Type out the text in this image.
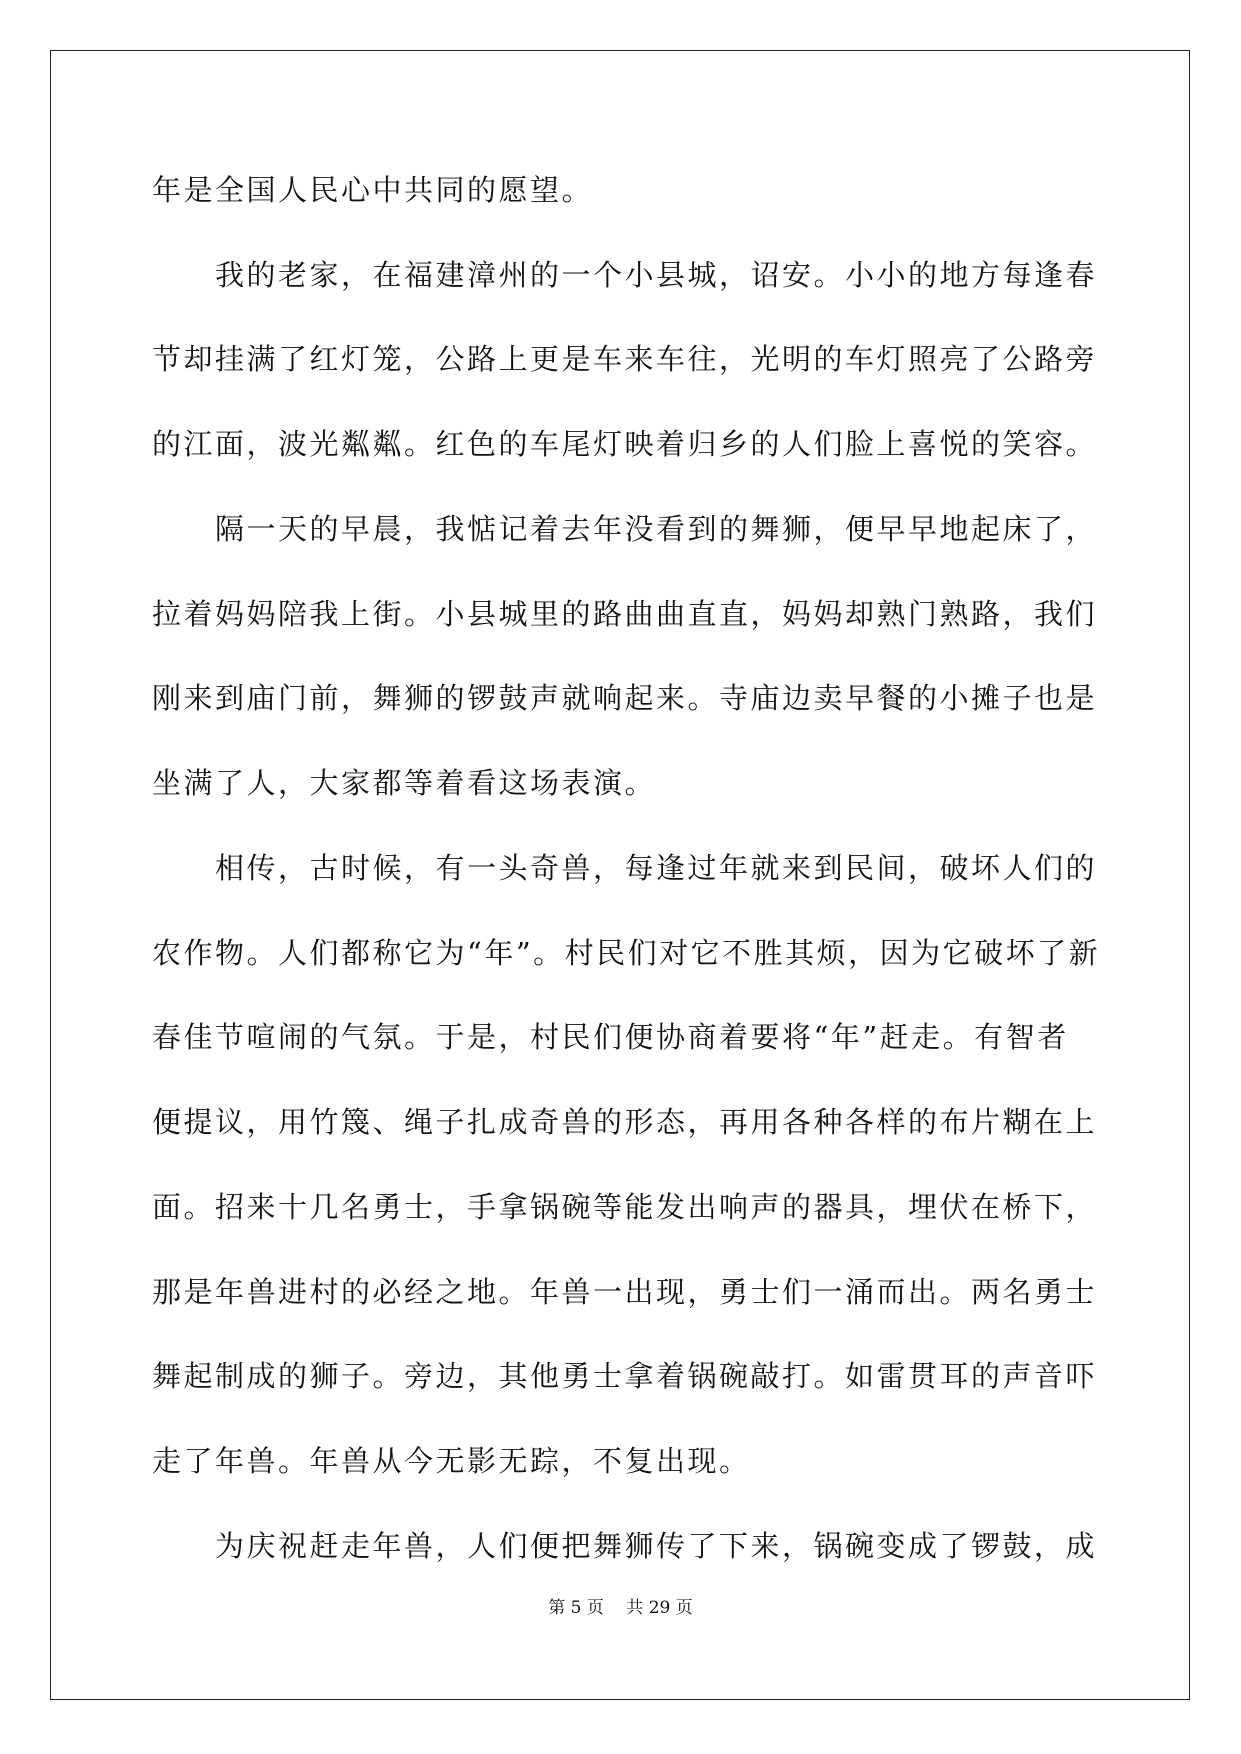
年是全国人民心中共同的愿望。
　　我的老家，在福建漳州的一个小县城，诏安。小小的地方每逢春
节却挂满了红灯笼，公路上更是车来车往，光明的车灯照亮了公路旁
的江面，波光粼粼。红色的车尾灯映着归乡的人们脸上喜悦的笑容。
　　隔一天的早晨，我惦记着去年没看到的舞狮，便早早地起床了，
拉着妈妈陪我上街。小县城里的路曲曲直直，妈妈却熟门熟路，我们
刚来到庙门前，舞狮的锣鼓声就响起来。寺庙边卖早餐的小摊子也是
坐满了人，大家都等着看这场表演。
　　相传，古时候，有一头奇兽，每逢过年就来到民间，破坏人们的
农作物。人们都称它为“年”。村民们对它不胜其烦，因为它破坏了新
春佳节喧闹的气氛。于是，村民们便协商着要将“年”赶走。有智者
便提议，用竹篾、绳子扎成奇兽的形态，再用各种各样的布片糊在上
面。招来十几名勇士，手拿锅碗等能发出响声的器具，埋伏在桥下，
那是年兽进村的必经之地。年兽一出现，勇士们一涌而出。两名勇士
舞起制成的狮子。旁边，其他勇士拿着锅碗敲打。如雷贯耳的声音吓
走了年兽。年兽从今无影无踪，不复出现。
　　为庆祝赶走年兽，人们便把舞狮传了下来，锅碗变成了锣鼓，成
第 5 页　 共 29 页
